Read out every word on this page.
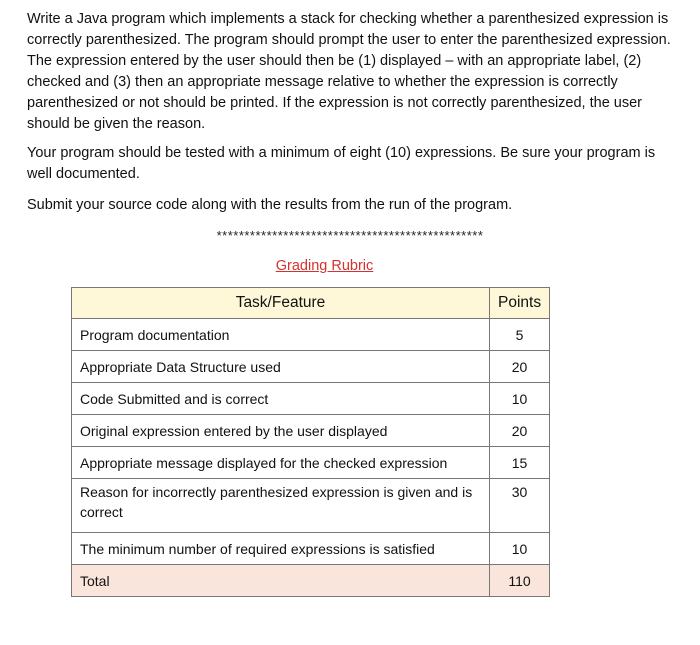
Write a Java program which implements a stack for checking whether a parenthesized expression is correctly parenthesized. The program should prompt the user to enter the parenthesized expression. The expression entered by the user should then be (1) displayed – with an appropriate label, (2) checked and (3) then an appropriate message relative to whether the expression is correctly parenthesized or not should be printed. If the expression is not correctly parenthesized, the user should be given the reason.

Your program should be tested with a minimum of eight (10) expressions. Be sure your program is well documented.

Submit your source code along with the results from the run of the program.

************************************************
Grading Rubric
Task/Feature	Points
Program documentation	5
Appropriate Data Structure used	20
Code Submitted and is correct	10
Original expression entered by the user displayed	20
Appropriate message displayed for the checked expression	15
Reason for incorrectly parenthesized expression is given and is correct	30
The minimum number of required expressions is satisfied	10
Total	110
